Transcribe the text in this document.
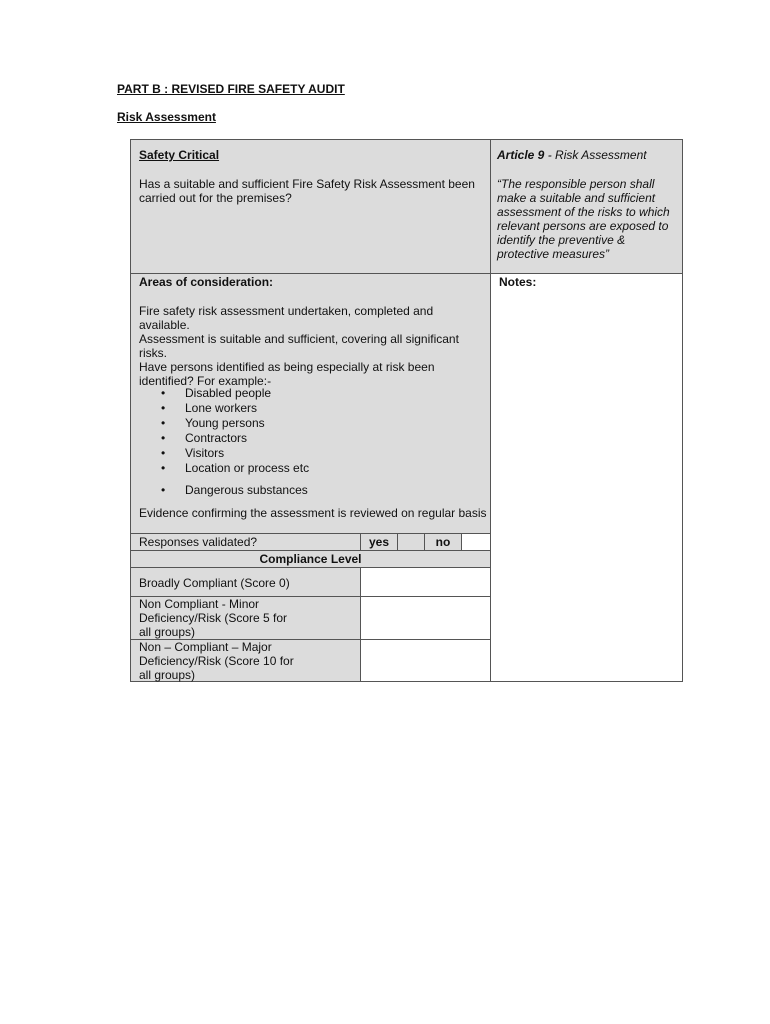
PART B : REVISED FIRE SAFETY AUDIT
Risk Assessment
Safety Critical
Has a suitable and sufficient Fire Safety Risk Assessment been carried out for the premises?
Article 9 - Risk Assessment
“The responsible person shall make a suitable and sufficient assessment of the risks to which relevant persons are exposed to identify the preventive & protective measures”
Areas of consideration:
Fire safety risk assessment undertaken, completed and available.
Assessment is suitable and sufficient, covering all significant risks.
Have persons identified as being especially at risk been identified? For example:-
• Disabled people
• Lone workers
• Young persons
• Contractors
• Visitors
• Location or process etc
• Dangerous substances
Evidence confirming the assessment is reviewed on regular basis
Notes:
Responses validated?	yes	no
Compliance Level
Broadly Compliant (Score 0)
Non Compliant - Minor Deficiency/Risk (Score 5 for all groups)
Non – Compliant – Major Deficiency/Risk (Score 10 for all groups)
